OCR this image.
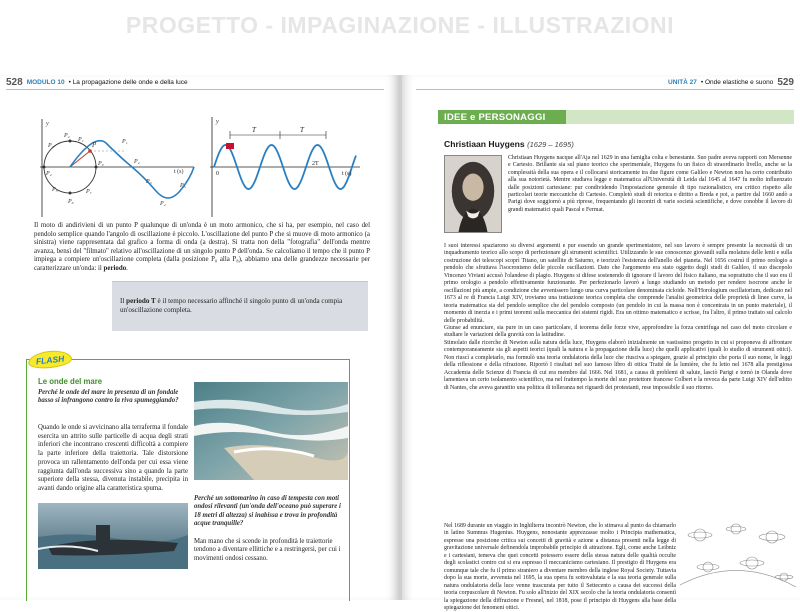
PROGETTO - IMPAGINAZIONE - ILLUSTRAZIONI
528 MODULO 10 • La propagazione delle onde e della luce
P
P₀
P₁
P₂
P₃
P₄
P₅
P₆
P₇
P₁
P₂
P₃
P₄
P₅
t (s)
y
T	T
0
2T
t (s)
y
Il moto di andirivieni di un punto P qualunque di un'onda è un moto armonico, che si ha, per esempio, nel caso del pendolo semplice quando l'angolo di oscillazione è piccolo. L'oscillazione del punto P che si muove di moto armonico (a sinistra) viene rappresentata dal grafico a forma di onda (a destra). Si tratta non della "fotografia" dell'onda mentre avanza, bensì del "filmato" relativo all'oscillazione di un singolo punto P dell'onda. Se calcoliamo il tempo che il punto P impiega a compiere un'oscillazione completa (dalla posizione P₀ alla P₈), abbiamo una delle grandezze necessarie per caratterizzare un'onda: il periodo.
Il periodo T è il tempo necessario affinché il singolo punto di un'onda compia un'oscillazione completa.
FLASH
Le onde del mare
Perché le onde del mare in presenza di un fondale basso si infrangono contro la riva spumeggiando?
Quando le onde si avvicinano alla terraferma il fondale esercita un attrito sulle particelle di acqua degli strati inferiori che incontrano crescenti difficoltà a compiere la parte inferiore della traiettoria. Tale distorsione provoca un rallentamento dell'onda per cui essa viene raggiunta dall'onda successiva sino a quando la parte superiore della stessa, divenuta instabile, precipita in avanti dando origine alla caratteristica spuma.
Perché un sottomarino in caso di tempesta con moti ondosi rilevanti (un'onda dell'oceano può superare i 18 metri di altezza) si inabissa e trova in profondità acque tranquille?
Man mano che si scende in profondità le traiettorie tendono a diventare ellittiche e a restringersi, per cui i movimenti ondosi cessano.
UNITÀ 27 • Onde elastiche e suono 529
IDEE e PERSONAGGI
Christiaan Huygens (1629 – 1695)
Christiaan Huygens nacque all'Aja nel 1629 in una famiglia colta e benestante. Suo padre aveva rapporti con Mersenne e Cartesio. Brillante sia sul piano teorico che sperimentale, Huygens fu un fisico di straordinario livello, anche se la complessità della sua opera e il collocarsi storicamente tra due figure come Galileo e Newton non ha certo contribuito alla sua notorietà. Mentre studiava legge e matematica all'Università di Leida dal 1645 al 1647 fu molto influenzato dalle posizioni cartesiane: pur condividendo l'impostazione generale di tipo razionalistico, era critico rispetto alle particolari teorie meccaniche di Cartesio. Completò studi di retorica e diritto a Breda e poi, a partire dal 1660 andò a Parigi dove soggiornò a più riprese, frequentando gli incontri di varie società scientifiche, e dove conobbe il lavoro di grandi matematici quali Pascal e Fermat.

I suoi interessi spaziarono su diversi argomenti e pur essendo un grande sperimentatore, nel suo lavoro è sempre presente la necessità di un inquadramento teorico allo scopo di perfezionare gli strumenti scientifici. Utilizzando le sue conoscenze giovanili sulla molatura delle lenti e sulla costruzione dei telescopi scoprì Titano, un satellite di Saturno, e teorizzò l'esistenza dell'anello del pianeta. Nel 1656 costruì il primo orologio a pendolo che sfruttava l'isocronismo delle piccole oscillazioni. Dato che l'argomento era stato oggetto degli studi di Galileo, il suo discepolo Vincenzo Viviani accusò l'olandese di plagio. Huygens si difese sostenendo di ignorare il lavoro del fisico italiano, ma soprattutto che il suo era il primo orologio a pendolo effettivamente funzionante. Per perfezionarlo lavorò a lungo studiando un metodo per rendere isocrone anche le oscillazioni più ampie, a condizione che avvenissero lungo una curva particolare denominata cicloide. Nell'Horologium oscillatorium, dedicato nel 1673 al re di Francia Luigi XIV, troviamo una trattazione teorica completa che comprende l'analisi geometrica delle proprietà di linee curve, la teoria matematica sia del pendolo semplice che del pendolo composto (un pendolo in cui la massa non è concentrata in un punto materiale), il momento di inerzia e i primi teoremi sulla meccanica dei sistemi rigidi. Era un ottimo matematico e scrisse, fra l'altro, il primo trattato sul calcolo delle probabilità.

Giunse ad enunciare, sia pure in un caso particolare, il teorema delle forze vive, approfondire la forza centrifuga nel caso del moto circolare e studiare le variazioni della gravità con la latitudine.

Stimolato dalle ricerche di Newton sulla natura della luce, Huygens elaborò inizialmente un vastissimo progetto in cui si proponeva di affrontare contemporaneamente sia gli aspetti teorici (quali la natura e la propagazione della luce) che quelli applicativi (quali lo studio di strumenti ottici). Non riuscì a completarlo, ma formulò una teoria ondulatoria della luce che riusciva a spiegare, grazie al principio che porta il suo nome, le leggi della riflessione e della rifrazione. Riportò I risultati nel suo famoso libro di ottica Traité de la lumière, che fu letto nel 1678 alla prestigiosa Accademia delle Scienze di Francia di cui era membro dal 1666. Nel 1681, a causa di problemi di salute, lasciò Parigi e tornò in Olanda dove lamentava un certo isolamento scientifico, ma nel frattempo la morte del suo protettore francese Colbert e la revoca da parte Luigi XIV dell'editto di Nantes, che aveva garantito una politica di tolleranza nei riguardi dei protestanti, rese impossibile il suo ritorno.

Nel 1689 durante un viaggio in Inghilterra incontrò Newton, che lo stimava al punto da chiamarlo in latino Summus Hugenius. Huygens, nonostante apprezzasse molto i Principia mathematica, espresse una posizione critica sui concetti di gravità e azione a distanza presenti nella legge di gravitazione universale definendola improbabile principio di attrazione. Egli, come anche Leibniz e i cartesiani, temeva che quei concetti potessero essere della stessa natura delle qualità occulte degli scolastici contro cui si era espresso il meccanicismo cartesiano. Il prestigio di Huygens era comunque tale che fu il primo straniero a diventare membro della inglese Royal Society. Tuttavia dopo la sua morte, avvenuta nel 1695, la sua opera fu sottovalutata e la sua teoria generale sulla natura ondulatoria della luce venne trascurata per tutto il Settecento a causa dei successi della teoria corpuscolare di Newton. Fu solo all'inizio del XIX secolo che la teoria ondulatoria consentì la spiegazione della diffrazione e Fresnel, nel 1818, pose il principio di Huygens alla base della spiegazione dei fenomeni ottici.
